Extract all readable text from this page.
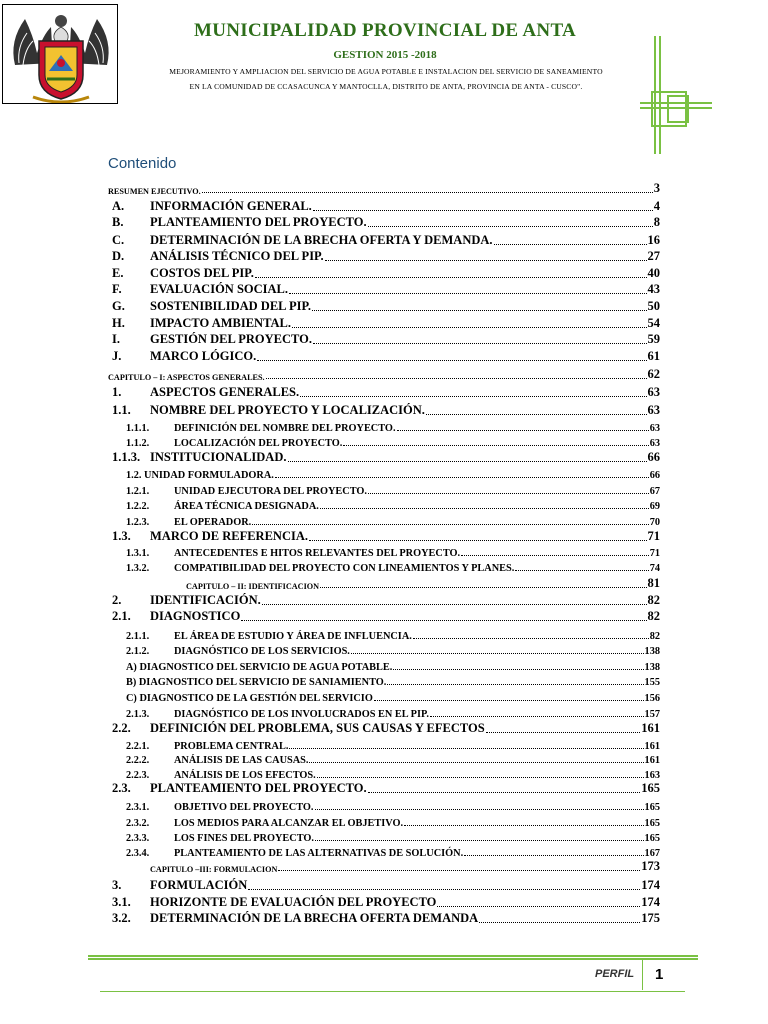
MUNICIPALIDAD PROVINCIAL DE ANTA
GESTION 2015 -2018
MEJORAMIENTO Y AMPLIACION DEL SERVICIO DE AGUA POTABLE E INSTALACION DEL SERVICIO DE SANEAMIENTO
EN LA COMUNIDAD DE CCASACUNCA Y MANTOCLLA, DISTRITO DE ANTA, PROVINCIA DE ANTA - CUSCO".
Contenido
RESUMEN EJECUTIVO.	3
A. INFORMACIÓN GENERAL.	4
B. PLANTEAMIENTO DEL PROYECTO.	8
C. DETERMINACIÓN DE LA BRECHA OFERTA Y DEMANDA.	16
D. ANÁLISIS TÉCNICO DEL PIP.	27
E. COSTOS DEL PIP.	40
F. EVALUACIÓN SOCIAL.	43
G. SOSTENIBILIDAD DEL PIP.	50
H. IMPACTO AMBIENTAL.	54
I. GESTIÓN DEL PROYECTO.	59
J. MARCO LÓGICO.	61
CAPITULO – I: ASPECTOS GENERALES.	62
1. ASPECTOS GENERALES.	63
1.1. NOMBRE DEL PROYECTO Y LOCALIZACIÓN.	63
1.1.1. DEFINICIÓN DEL NOMBRE DEL PROYECTO.	63
1.1.2. LOCALIZACIÓN DEL PROYECTO.	63
1.1.3. INSTITUCIONALIDAD.	66
1.2. UNIDAD FORMULADORA.	66
1.2.1. UNIDAD EJECUTORA DEL PROYECTO.	67
1.2.2. ÁREA TÉCNICA DESIGNADA.	69
1.2.3. EL OPERADOR.	70
1.3. MARCO DE REFERENCIA.	71
1.3.1. ANTECEDENTES E HITOS RELEVANTES DEL PROYECTO.	71
1.3.2. COMPATIBILIDAD DEL PROYECTO CON LINEAMIENTOS Y PLANES.	74
CAPITULO – II: IDENTIFICACION	81
2. IDENTIFICACIÓN.	82
2.1. DIAGNOSTICO	82
2.1.1. EL ÁREA DE ESTUDIO Y ÁREA DE INFLUENCIA.	82
2.1.2. DIAGNÓSTICO DE LOS SERVICIOS.	138
A) DIAGNOSTICO DEL SERVICIO DE AGUA POTABLE.	138
B) DIAGNOSTICO DEL SERVICIO DE SANIAMIENTO.	155
C) DIAGNOSTICO DE LA GESTIÓN DEL SERVICIO	156
2.1.3. DIAGNÓSTICO DE LOS INVOLUCRADOS EN EL PIP.	157
2.2. DEFINICIÓN DEL PROBLEMA, SUS CAUSAS Y EFECTOS	161
2.2.1. PROBLEMA CENTRAL.	161
2.2.2. ANÁLISIS DE LAS CAUSAS.	161
2.2.3. ANÁLISIS DE LOS EFECTOS.	163
2.3. PLANTEAMIENTO DEL PROYECTO.	165
2.3.1. OBJETIVO DEL PROYECTO.	165
2.3.2. LOS MEDIOS PARA ALCANZAR EL OBJETIVO.	165
2.3.3. LOS FINES DEL PROYECTO.	165
2.3.4. PLANTEAMIENTO DE LAS ALTERNATIVAS DE SOLUCIÓN.	167
CAPITULO –III: FORMULACION	173
3. FORMULACIÓN	174
3.1. HORIZONTE DE EVALUACIÓN DEL PROYECTO	174
3.2. DETERMINACIÓN DE LA BRECHA OFERTA DEMANDA	175
PERFIL 1
